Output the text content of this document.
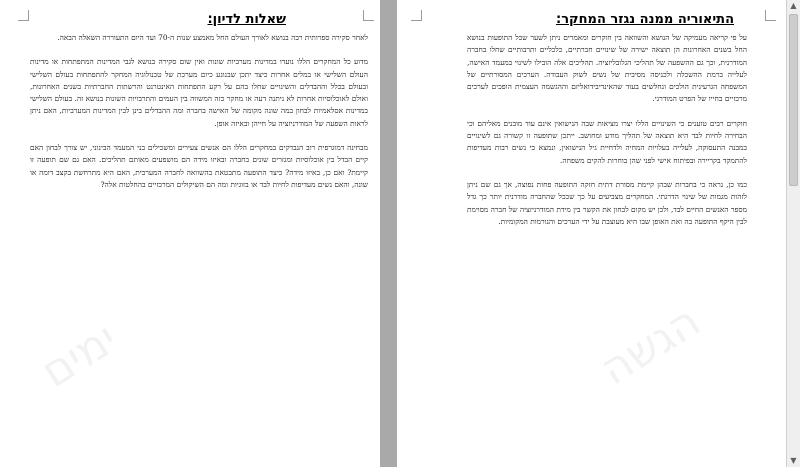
שאלות לדיון:

לאחר סקירה ספרותית רבה בנושא לאורך העולם החל מאמצע שנות ה-70 ועד היום התעוררה השאלה הבאה.

מדוע כל המחקרים הללו נועדו במדינות מערביות שונות ואין שום סקירה בנושא לגבי המדינות המתפתחות או מדינות העולם השלישי או במלים אחרות כיצד יתכן שבנוגע כיום מערכת של טכנולוגיה המחקר להתפתחות בעולם השלישי ובעולם בכלל וההבדלים והשינויים שחלו בהם על רקע התפתחות האינטרנט והרשתות החברתיות בשנים האחרונות, ואולם לאוכלוסיות אחרות לא ניתנה דעה או מחקר כזה המשווה בין העמים והתרבויות השונות בנושא זה. בעולם השלישי במדינות אסלאמיות לבחון במה שונה מקומה של האישה בחברה ומה ההבדלים בינן לבין המדינות המערביות, האם ניתן לראות השפעה של המודרניזציה על חייהן ובאיזה אופן.

מבחינה דמוגרפית רוב הנבדקים במחקרים הללו הם אנשים צעירים ומשכילים בני המעמד הבינוני, יש צורך לבחון האם קיים הבדל בין אוכלוסיות ומגזרים שונים בחברה ובאיזו מידה הם מושפעים מאותם תהליכים. האם גם שם תופעה זו קיימת? ואם כן, באיזו מידה? כיצד התופעה מתבטאת בהשוואה לחברה המערבית, האם היא מתרחשת בקצב דומה או שונה, והאם נשים מעדיפות לחיות לבד או בזוגיות ומה הם השיקולים המרכזיים בהחלטות אלה?

ימים
התיאוריה ממנה נגזר המחקר:

על פי קריאה מעמיקה של הנושא והשוואה בין חוקרים ומאמרים ניתן לשער שכל התופעות בנושא החל בשנים האחרונות הן תוצאה ישירה של שינויים חברתיים, כלכליים ותרבותיים שחלו בחברה המודרנית, וכך גם ההשפעה של תהליכי הגלובליזציה. תהליכים אלה הובילו לשינוי במעמד האישה, לעלייה ברמת ההשכלה ולכניסה מסיבית של נשים לשוק העבודה. הערכים המסורתיים של המשפחה הגרעינית הולכים ונחלשים בעוד שהאינדיבידואליזם וההגשמה העצמית הופכים לערכים מרכזיים בחייו של הפרט המודרני.

חוקרים רבים טוענים כי השינויים הללו יצרו מציאות שבה הנישואין אינם עוד מובנים מאליהם וכי הבחירה לחיות לבד היא תוצאה של תהליך מודע ומחושב. ייתכן שתופעה זו קשורה גם לשינויים במבנה התעסוקה, לעלייה בעלויות המחיה ולדחיית גיל הנישואין, ונמצא כי נשים רבות מעדיפות להתמקד בקריירה ובפיתוח אישי לפני שהן בוחרות להקים משפחה.

כמו כן, נראה כי בחברות שבהן קיימת מסורת דתית חזקה התופעה פחות נפוצה, אך גם שם ניתן לזהות מגמות של שינוי הדרגתי. המחקרים מצביעים על כך שככל שהחברה מודרנית יותר כך גדל מספר האנשים החיים לבד, ולכן יש מקום לבחון את הקשר בין מידת המודרניזציה של חברה מסוימת לבין היקף התופעה בה ואת האופן שבו היא מעוצבת על ידי הערכים והנורמות המקומיות.

הגשה
▲
▼
